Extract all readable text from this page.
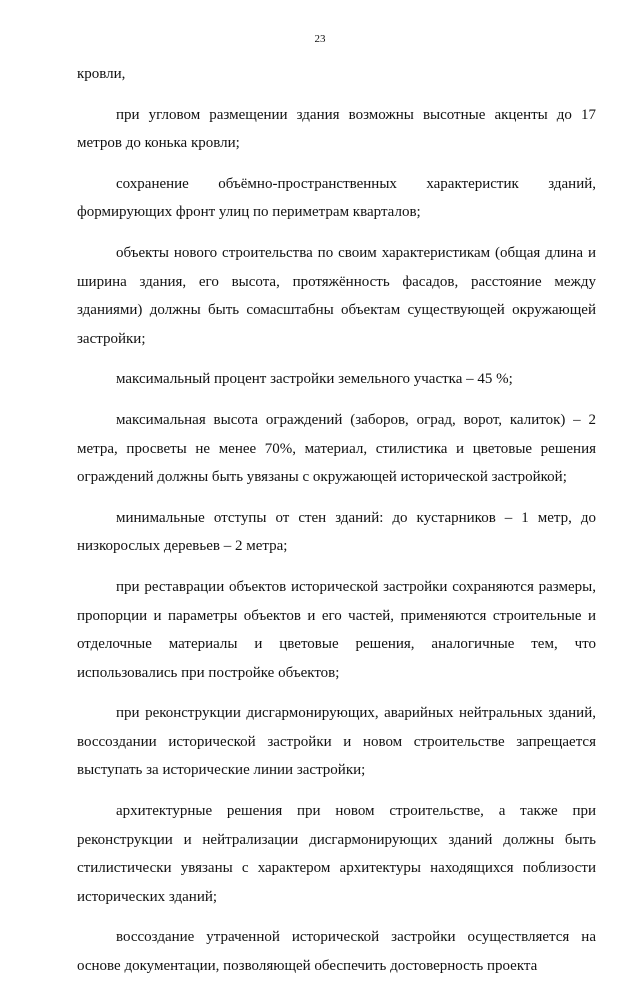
23

кровли,

при угловом размещении здания возможны высотные акценты до 17 метров до конька кровли;

сохранение объёмно-пространственных характеристик зданий, формирующих фронт улиц по периметрам кварталов;

объекты нового строительства по своим характеристикам (общая длина и ширина здания, его высота, протяжённость фасадов, расстояние между зданиями) должны быть сомасштабны объектам существующей окружающей застройки;

максимальный процент застройки земельного участка – 45 %;

максимальная высота ограждений (заборов, оград, ворот, калиток) – 2 метра, просветы не менее 70%, материал, стилистика и цветовые решения ограждений должны быть увязаны с окружающей исторической застройкой;

минимальные отступы от стен зданий: до кустарников – 1 метр, до низкорослых деревьев – 2 метра;

при реставрации объектов исторической застройки сохраняются размеры, пропорции и параметры объектов и его частей, применяются строительные и отделочные материалы и цветовые решения, аналогичные тем, что использовались при постройке объектов;

при реконструкции дисгармонирующих, аварийных нейтральных зданий, воссоздании исторической застройки и новом строительстве запрещается выступать за исторические линии застройки;

архитектурные решения при новом строительстве, а также при реконструкции и нейтрализации дисгармонирующих зданий должны быть стилистически увязаны с характером архитектуры находящихся поблизости исторических зданий;

воссоздание утраченной исторической застройки осуществляется на основе документации, позволяющей обеспечить достоверность проекта
